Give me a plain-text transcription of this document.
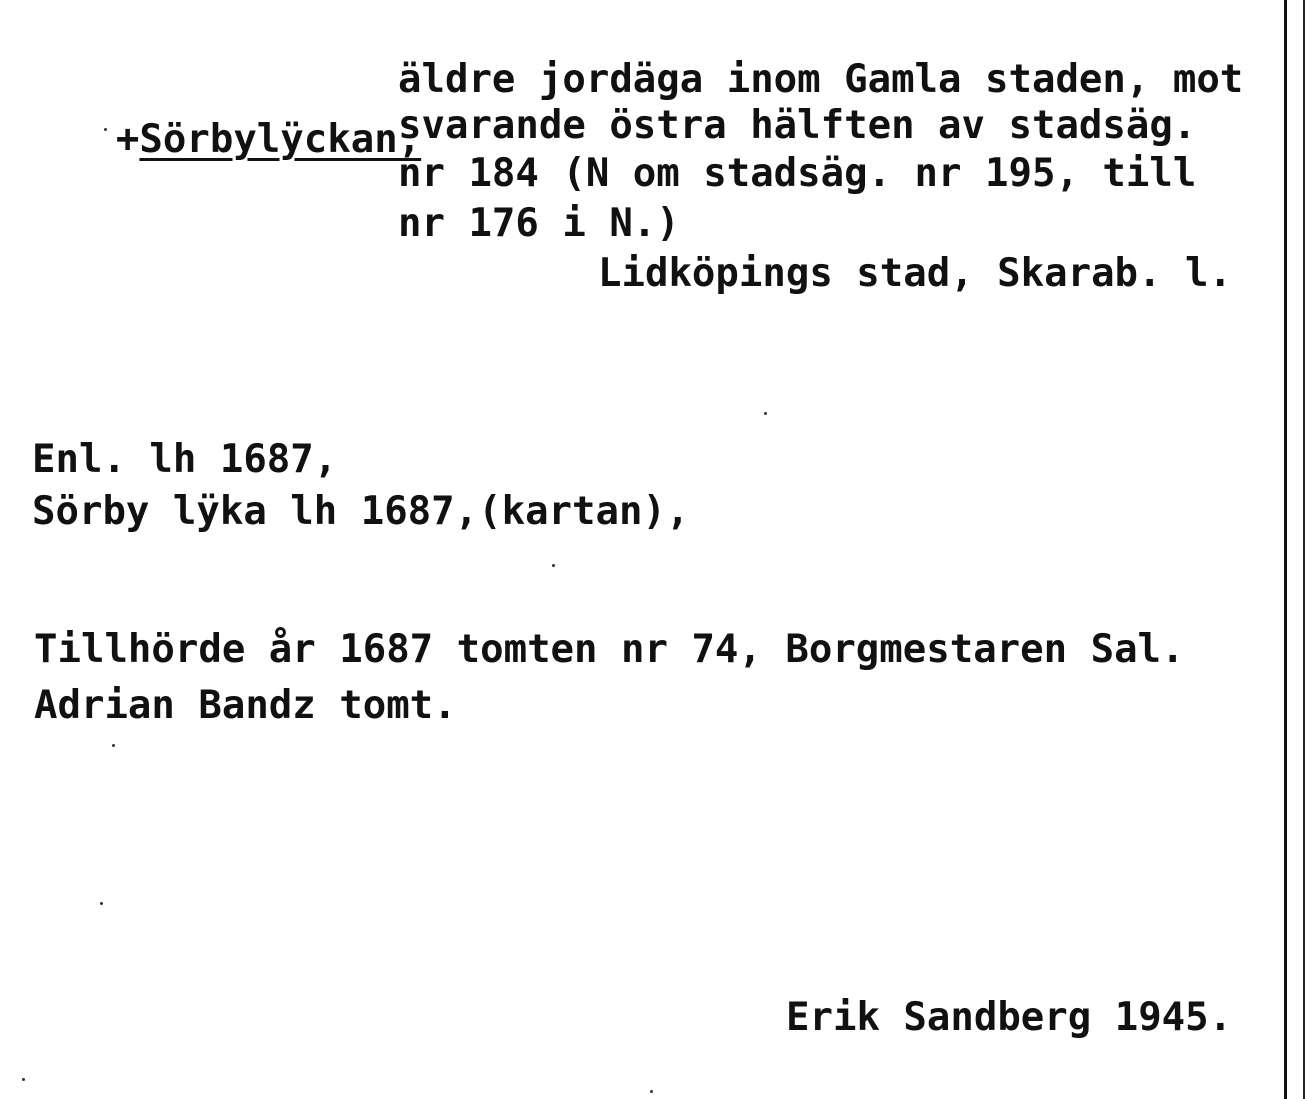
+Sörbylÿckan,

äldre jordäga inom Gamla staden, mot
svarande östra hälften av stadsäg.
nr 184 (N om stadsäg. nr 195, till
nr 176 i N.)
Lidköpings stad, Skarab. l.
Enl. lh 1687,
Sörby lÿka lh 1687,(kartan),
Tillhörde år 1687 tomten nr 74, Borgmestaren Sal.
Adrian Bandz tomt.
Erik Sandberg 1945.
